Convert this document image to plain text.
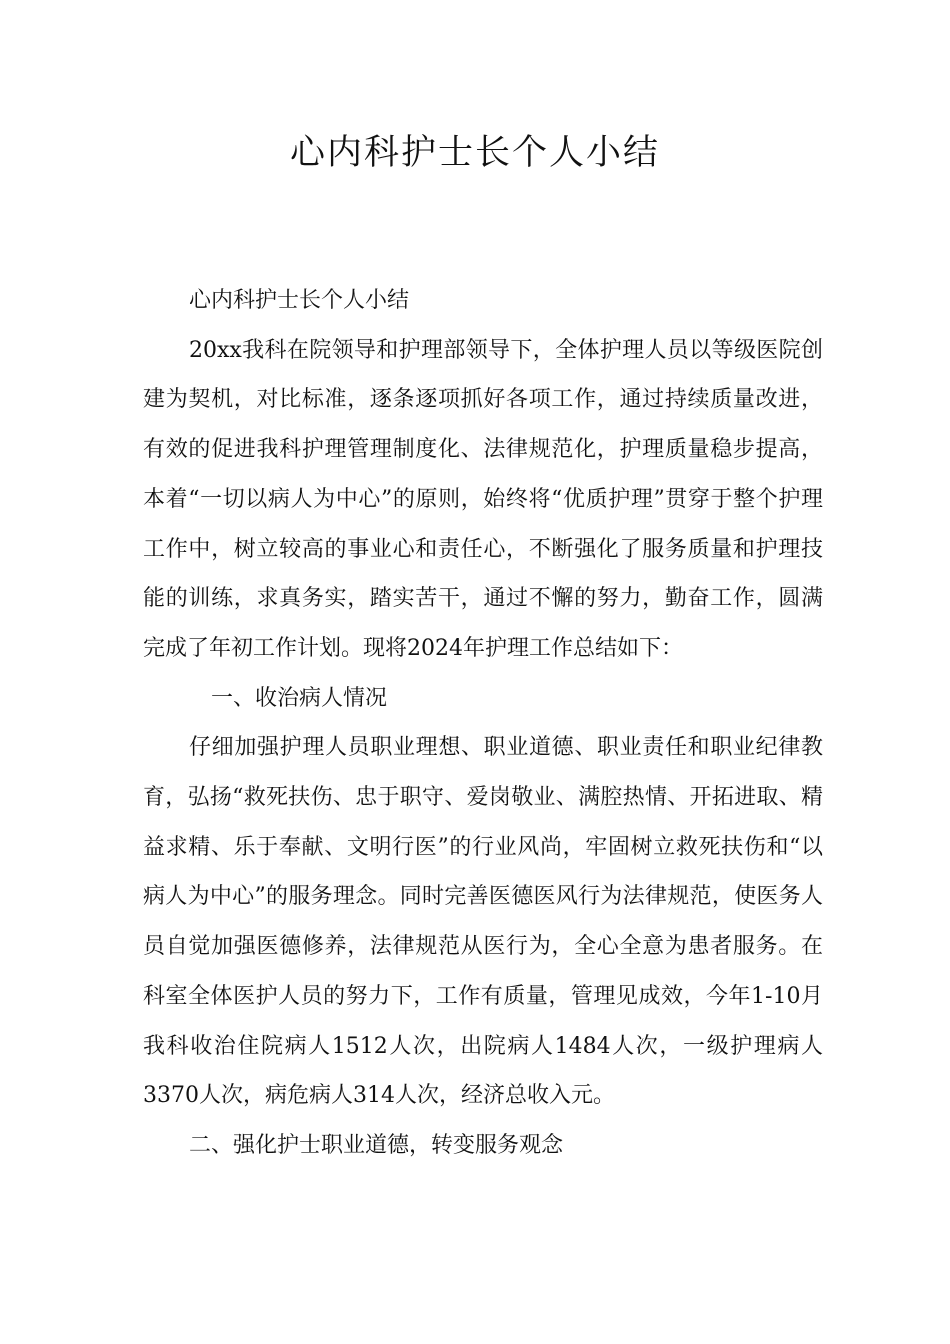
心内科护士长个人小结

心内科护士长个人小结

20xx我科在院领导和护理部领导下，全体护理人员以等级医院创建为契机，对比标准，逐条逐项抓好各项工作，通过持续质量改进，有效的促进我科护理管理制度化、法律规范化，护理质量稳步提高，本着“一切以病人为中心”的原则，始终将“优质护理”贯穿于整个护理工作中，树立较高的事业心和责任心，不断强化了服务质量和护理技能的训练，求真务实，踏实苦干，通过不懈的努力，勤奋工作，圆满完成了年初工作计划。现将2024年护理工作总结如下：

一、收治病人情况

仔细加强护理人员职业理想、职业道德、职业责任和职业纪律教育，弘扬“救死扶伤、忠于职守、爱岗敬业、满腔热情、开拓进取、精益求精、乐于奉献、文明行医”的行业风尚，牢固树立救死扶伤和“以病人为中心”的服务理念。同时完善医德医风行为法律规范，使医务人员自觉加强医德修养，法律规范从医行为，全心全意为患者服务。在科室全体医护人员的努力下，工作有质量，管理见成效，今年1-10月我科收治住院病人1512人次，出院病人1484人次，一级护理病人3370人次，病危病人314人次，经济总收入元。

二、强化护士职业道德，转变服务观念
